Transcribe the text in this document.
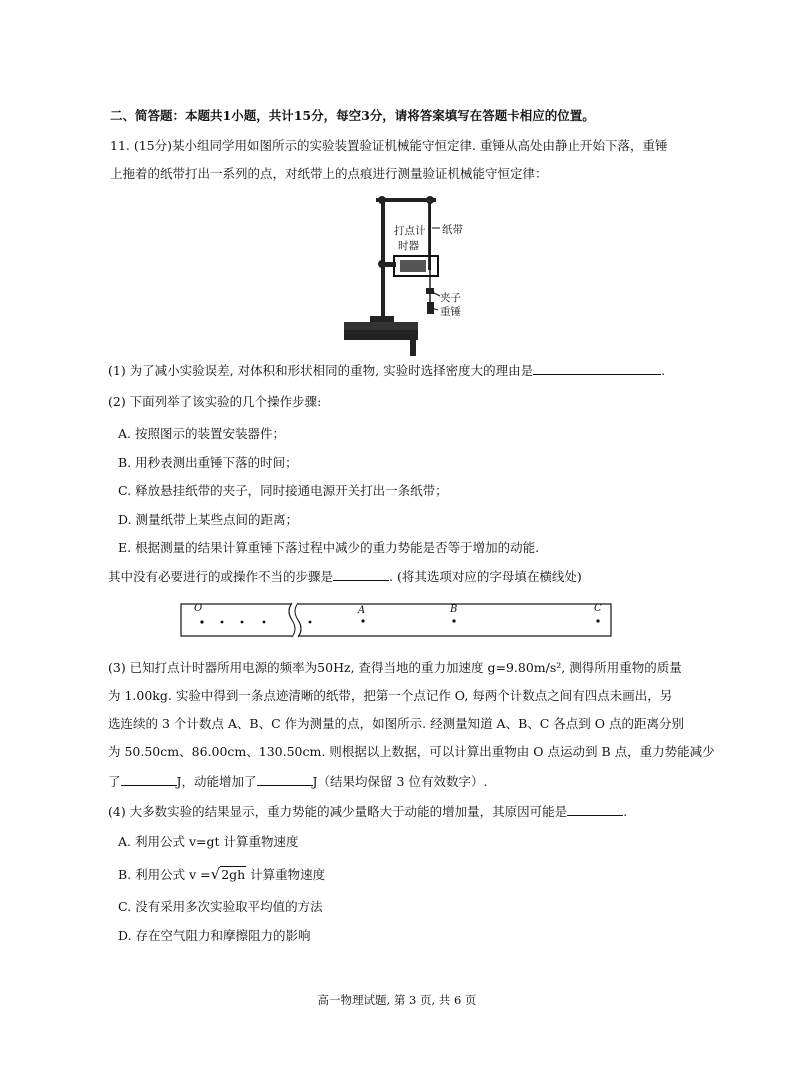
二、简答题：本题共1小题，共计15分，每空3分，请将答案填写在答题卡相应的位置。
11. (15分)某小组同学用如图所示的实验装置验证机械能守恒定律. 重锤从高处由静止开始下落，重锤
上拖着的纸带打出一系列的点，对纸带上的点痕进行测量验证机械能守恒定律：
打点计
时器
纸带
夹子
重锤
(1) 为了减小实验误差, 对体积和形状相同的重物, 实验时选择密度大的理由是	.
(2) 下面列举了该实验的几个操作步骤:
A. 按照图示的装置安装器件；
B. 用秒表测出重锤下落的时间；
C. 释放悬挂纸带的夹子，同时接通电源开关打出一条纸带；
D. 测量纸带上某些点间的距离；
E. 根据测量的结果计算重锤下落过程中减少的重力势能是否等于增加的动能.
其中没有必要进行的或操作不当的步骤是	. (将其选项对应的字母填在横线处)
O	A	B	C
(3) 已知打点计时器所用电源的频率为50Hz, 查得当地的重力加速度 g=9.80m/s², 测得所用重物的质量
为 1.00kg. 实验中得到一条点迹清晰的纸带，把第一个点记作 O, 每两个计数点之间有四点未画出，另
选连续的 3 个计数点 A、B、C 作为测量的点，如图所示. 经测量知道 A、B、C 各点到 O 点的距离分别
为 50.50cm、86.00cm、130.50cm. 则根据以上数据，可以计算出重物由 O 点运动到 B 点，重力势能减少
了	J，动能增加了	J（结果均保留 3 位有效数字）.
(4) 大多数实验的结果显示，重力势能的减少量略大于动能的增加量，其原因可能是	.
A. 利用公式 v=gt 计算重物速度
B. 利用公式 v =√2gh 计算重物速度
C. 没有采用多次实验取平均值的方法
D. 存在空气阻力和摩擦阻力的影响
高一物理试题, 第 3 页, 共 6 页
